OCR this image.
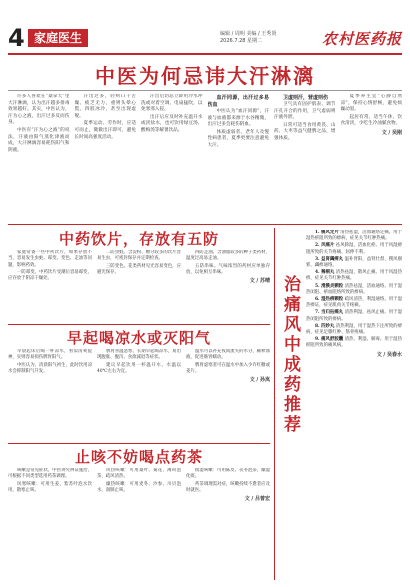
4 家庭医生	编辑 / 周明 美编 / 王秀贤
2026.7.28 星期二	农村医药报
中医为何忌讳大汗淋漓

许多人喜欢在“桑拿天”里大汗淋漓，认为出汗越多排毒效果越好。其实，中医认为，汗为心之液，出汗过多反而伤身。

中医有“汗为心之液”的说法，汗液由阳气蒸化津液而成，大汗淋漓容易耗伤阳气和阴液。

汗出过多，轻则口干舌燥、疲乏无力，重则头晕心慌、四肢冰冷，甚至出现虚脱。

夏季运动、劳作时，应适可而止，微微出汗即可，避免长时间高强度活动。

汗出后切忌立即用冷水冲洗或对着空调、电扇猛吹，以免寒邪入侵。

出汗后应及时补充温开水或淡盐水，也可饮用绿豆汤、酸梅汤等解暑饮品。

血汗同源，出汗过多易伤血

中医认为“血汗同源”，汗液与血液都来源于水谷精微，出汗过多会耗伤阴血。

体质虚弱者、老年人及慢性病患者，夏季更要注意避免大汗。

卫虚则汗，营虚则伤

卫气具有固护肌表、调节汗孔开合的作用，卫气虚弱则汗液外泄。

日常可适当食用黄芪、山药、大枣等益气健脾之品，增强体质。

夏季养生宜“心静自然凉”，保持心情舒畅，避免烦躁动怒。

起居有常，适当午休，饮食清淡，少吃生冷油腻食物。

文 / 吴刚
中药饮片，存放有五防

家庭常备一些中药饮片，如果存放不当，容易发生虫蛀、霉变、变色、走油等问题，影响药效。

一防霉变。中药饮片受潮后容易霉变，应存放于阴凉干燥处。

二防虫蛀。含淀粉、糖分较多的饮片容易生虫，可密封保存并定期检查。

三防变色。花类药材见光容易变色，应避光保存。

四防走油。含油脂较多的种子类药材，温度过高易走油。

五防串味。气味浓烈的药材应单独存放，以免相互串味。

文 / 苏晴
早起喝凉水或灭阳气

早晨起床后喝一杯凉水，看似清爽提神，实则容易损伤脾胃阳气。

中医认为，清晨阳气初生，此时饮用凉水会抑制阳气升发。

脾胃喜温恶寒，长期早起喝凉水，易出现腹胀、腹泻、食欲减退等症状。

建议早起饮用一杯温开水，水温以 40℃左右为宜。

温水可以补充夜间流失的水分，稀释血液，促进肠胃蠕动。

脾胃虚寒者可在温水中加入少许红糖或姜片。

文 / 孙岚
止咳不妨喝点药茶

咳嗽是常见症状，中医讲究辨证施治，可根据不同类型选用药茶调理。

风寒咳嗽：可用生姜、紫苏叶泡水饮用，散寒止咳。

风热咳嗽：可用桑叶、菊花、薄荷泡茶，疏风清热。

燥热咳嗽：可用麦冬、沙参、川贝泡水，润肺止咳。

痰湿咳嗽：可用陈皮、茯苓泡茶，燥湿化痰。

药茶调理需对症，咳嗽持续不愈者应及时就医。

文 / 吕曾宏
治痛风中成药推荐

1. 痛风定片 清热祛湿，活血通络定痛。用于湿热瘀阻所致的痹病，症见关节红肿热痛。

2. 风痛片 祛风除湿，活血化瘀。用于风湿痹阻所致的关节疼痛、屈伸不利。

3. 益肾蠲痹丸 温补肾阳，益肾壮督，搜风剔邪，蠲痹通络。

4. 豨桐丸 清热祛湿，散风止痛。用于风湿热痹，症见关节红肿热痛。

5. 滑膜炎颗粒 清热祛湿，活血通络。用于湿热闭阻、瘀血阻络所致的痹病。

6. 湿热痹颗粒 疏风清热，利湿通络。用于湿热痹证，症见肌肉关节疼痛。

7. 当归拈痛丸 清热利湿，祛风止痛。用于湿热闭阻所致的痹病。

8. 四妙丸 清热利湿，用于湿热下注所致的痹病，症见足膝红肿、筋骨疼痛。

9. 痛风舒胶囊 清热、利湿、解毒。用于湿热瘀阻所致的痛风病。

文 / 吴春水
